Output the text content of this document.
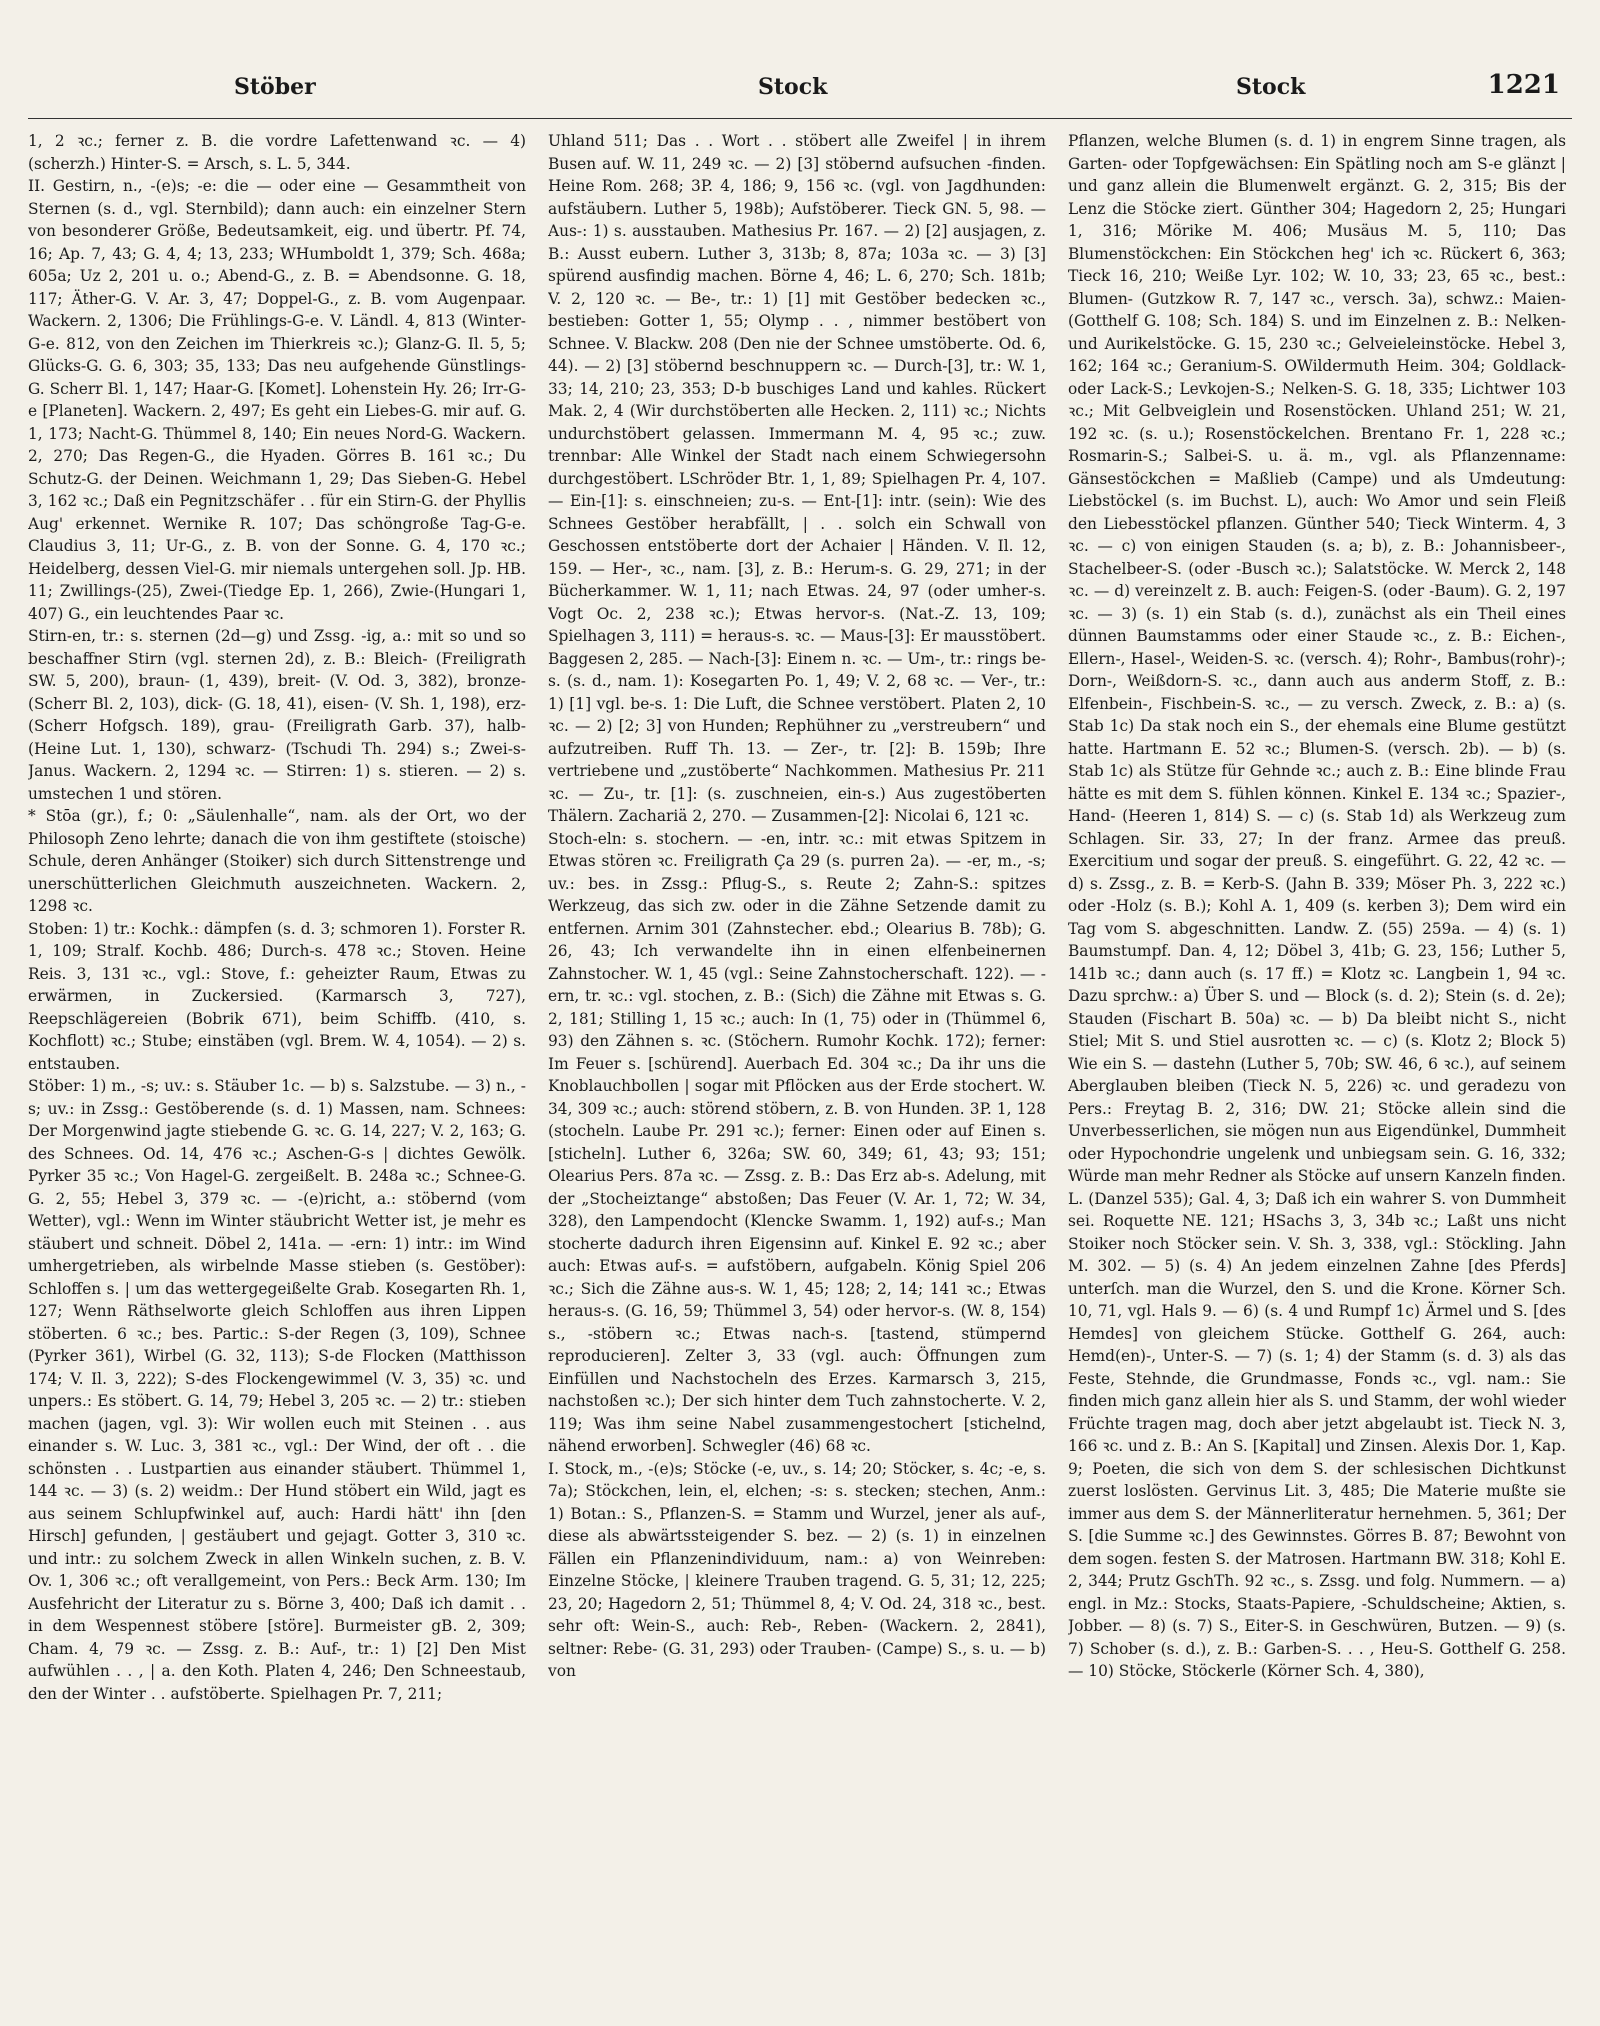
Stöber	Stock	Stock	1221

1, 2 ꝛc.; ferner z. B. die vordre Lafettenwand ꝛc. — 4) (scherzh.) Hinter-S. = Arsch, s. L. 5, 344.

II. Gestirn, n., -(e)s; -e: die — oder eine — Gesammtheit von Sternen (s. d., vgl. Sternbild); dann auch: ein einzelner Stern von besonderer Größe, Bedeutsamkeit, eig. und übertr. Pf. 74, 16; Ap. 7, 43; G. 4, 4; 13, 233; WHumboldt 1, 379; Sch. 468a; 605a; Uz 2, 201 u. o.; Abend-G., z. B. = Abendsonne. G. 18, 117; Äther-G. V. Ar. 3, 47; Doppel-G., z. B. vom Augenpaar. Wackern. 2, 1306; Die Frühlings-G-e. V. Ländl. 4, 813 (Winter-G-e. 812, von den Zeichen im Thierkreis ꝛc.); Glanz-G. Il. 5, 5; Glücks-G. G. 6, 303; 35, 133; Das neu aufgehende Günstlings-G. Scherr Bl. 1, 147; Haar-G. [Komet]. Lohenstein Hy. 26; Irr-G-e [Planeten]. Wackern. 2, 497; Es geht ein Liebes-G. mir auf. G. 1, 173; Nacht-G. Thümmel 8, 140; Ein neues Nord-G. Wackern. 2, 270; Das Regen-G., die Hyaden. Görres B. 161 ꝛc.; Du Schutz-G. der Deinen. Weichmann 1, 29; Das Sieben-G. Hebel 3, 162 ꝛc.; Daß ein Pegnitzschäfer . . für ein Stirn-G. der Phyllis Aug' erkennet. Wernike R. 107; Das schöngroße Tag-G-e. Claudius 3, 11; Ur-G., z. B. von der Sonne. G. 4, 170 ꝛc.; Heidelberg, dessen Viel-G. mir niemals untergehen soll. Jp. HB. 11; Zwillings-(25), Zwei-(Tiedge Ep. 1, 266), Zwie-(Hungari 1, 407) G., ein leuchtendes Paar ꝛc.

Stirn-en, tr.: s. sternen (2d—g) und Zssg. -ig, a.: mit so und so beschaffner Stirn (vgl. sternen 2d), z. B.: Bleich- (Freiligrath SW. 5, 200), braun- (1, 439), breit- (V. Od. 3, 382), bronze- (Scherr Bl. 2, 103), dick- (G. 18, 41), eisen- (V. Sh. 1, 198), erz- (Scherr Hofgsch. 189), grau- (Freiligrath Garb. 37), halb- (Heine Lut. 1, 130), schwarz- (Tschudi Th. 294) s.; Zwei-s- Janus. Wackern. 2, 1294 ꝛc. — Stirren: 1) s. stieren. — 2) s. umstechen 1 und stören.

* Stōa (gr.), f.; 0: „Säulenhalle“, nam. als der Ort, wo der Philosoph Zeno lehrte; danach die von ihm gestiftete (stoische) Schule, deren Anhänger (Stoiker) sich durch Sittenstrenge und unerschütterlichen Gleichmuth auszeichneten. Wackern. 2, 1298 ꝛc.

Stoben: 1) tr.: Kochk.: dämpfen (s. d. 3; schmoren 1). Forster R. 1, 109; Stralf. Kochb. 486; Durch-s. 478 ꝛc.; Stoven. Heine Reis. 3, 131 ꝛc., vgl.: Stove, f.: geheizter Raum, Etwas zu erwärmen, in Zuckersied. (Karmarsch 3, 727), Reepschlägereien (Bobrik 671), beim Schiffb. (410, s. Kochflott) ꝛc.; Stube; einstäben (vgl. Brem. W. 4, 1054). — 2) s. entstauben.

Stöber: 1) m., -s; uv.: s. Stäuber 1c. — b) s. Salzstube. — 3) n., -s; uv.: in Zssg.: Gestöberende (s. d. 1) Massen, nam. Schnees: Der Morgenwind jagte stiebende G. ꝛc. G. 14, 227; V. 2, 163; G. des Schnees. Od. 14, 476 ꝛc.; Aschen-G-s | dichtes Gewölk. Pyrker 35 ꝛc.; Von Hagel-G. zergeißelt. B. 248a ꝛc.; Schnee-G. G. 2, 55; Hebel 3, 379 ꝛc. — -(e)richt, a.: stöbernd (vom Wetter), vgl.: Wenn im Winter stäubricht Wetter ist, je mehr es stäubert und schneit. Döbel 2, 141a. — -ern: 1) intr.: im Wind umhergetrieben, als wirbelnde Masse stieben (s. Gestöber): Schloffen s. | um das wettergegeißelte Grab. Kosegarten Rh. 1, 127; Wenn Räthselworte gleich Schloffen aus ihren Lippen stöberten. 6 ꝛc.; bes. Partic.: S-der Regen (3, 109), Schnee (Pyrker 361), Wirbel (G. 32, 113); S-de Flocken (Matthisson 174; V. Il. 3, 222); S-des Flockengewimmel (V. 3, 35) ꝛc. und unpers.: Es stöbert. G. 14, 79; Hebel 3, 205 ꝛc. — 2) tr.: stieben machen (jagen, vgl. 3): Wir wollen euch mit Steinen . . aus einander s. W. Luc. 3, 381 ꝛc., vgl.: Der Wind, der oft . . die schönsten . . Lustpartien aus einander stäubert. Thümmel 1, 144 ꝛc. — 3) (s. 2) weidm.: Der Hund stöbert ein Wild, jagt es aus seinem Schlupfwinkel auf, auch: Hardi hätt' ihn [den Hirsch] gefunden, | gestäubert und gejagt. Gotter 3, 310 ꝛc. und intr.: zu solchem Zweck in allen Winkeln suchen, z. B. V. Ov. 1, 306 ꝛc.; oft verallgemeint, von Pers.: Beck Arm. 130; Im Ausfehricht der Literatur zu s. Börne 3, 400; Daß ich damit . . in dem Wespennest stöbere [störe]. Burmeister gB. 2, 309; Cham. 4, 79 ꝛc. — Zssg. z. B.: Auf-, tr.: 1) [2] Den Mist aufwühlen . . , | a. den Koth. Platen 4, 246; Den Schneestaub, den der Winter . . aufstöberte. Spielhagen Pr. 7, 211;

Uhland 511; Das . . Wort . . stöbert alle Zweifel | in ihrem Busen auf. W. 11, 249 ꝛc. — 2) [3] stöbernd aufsuchen -finden. Heine Rom. 268; 3P. 4, 186; 9, 156 ꝛc. (vgl. von Jagdhunden: aufstäubern. Luther 5, 198b); Aufstöberer. Tieck GN. 5, 98. — Aus-: 1) s. ausstauben. Mathesius Pr. 167. — 2) [2] ausjagen, z. B.: Ausst eubern. Luther 3, 313b; 8, 87a; 103a ꝛc. — 3) [3] spürend ausfindig machen. Börne 4, 46; L. 6, 270; Sch. 181b; V. 2, 120 ꝛc. — Be-, tr.: 1) [1] mit Gestöber bedecken ꝛc., bestieben: Gotter 1, 55; Olymp . . , nimmer bestöbert von Schnee. V. Blackw. 208 (Den nie der Schnee umstöberte. Od. 6, 44). — 2) [3] stöbernd beschnuppern ꝛc. — Durch-[3], tr.: W. 1, 33; 14, 210; 23, 353; D-b buschiges Land und kahles. Rückert Mak. 2, 4 (Wir durchstöberten alle Hecken. 2, 111) ꝛc.; Nichts undurchstöbert gelassen. Immermann M. 4, 95 ꝛc.; zuw. trennbar: Alle Winkel der Stadt nach einem Schwiegersohn durchgestöbert. LSchröder Btr. 1, 1, 89; Spielhagen Pr. 4, 107. — Ein-[1]: s. einschneien; zu-s. — Ent-[1]: intr. (sein): Wie des Schnees Gestöber herabfällt, | . . solch ein Schwall von Geschossen entstöberte dort der Achaier | Händen. V. Il. 12, 159. — Her-, ꝛc., nam. [3], z. B.: Herum-s. G. 29, 271; in der Bücherkammer. W. 1, 11; nach Etwas. 24, 97 (oder umher-s. Vogt Oc. 2, 238 ꝛc.); Etwas hervor-s. (Nat.-Z. 13, 109; Spielhagen 3, 111) = heraus-s. ꝛc. — Maus-[3]: Er mausstöbert. Baggesen 2, 285. — Nach-[3]: Einem n. ꝛc. — Um-, tr.: rings be-s. (s. d., nam. 1): Kosegarten Po. 1, 49; V. 2, 68 ꝛc. — Ver-, tr.: 1) [1] vgl. be-s. 1: Die Luft, die Schnee verstöbert. Platen 2, 10 ꝛc. — 2) [2; 3] von Hunden; Rephühner zu „verstreubern“ und aufzutreiben. Ruff Th. 13. — Zer-, tr. [2]: B. 159b; Ihre vertriebene und „zustöberte“ Nachkommen. Mathesius Pr. 211 ꝛc. — Zu-, tr. [1]: (s. zuschneien, ein-s.) Aus zugestöberten Thälern. Zachariä 2, 270. — Zusammen-[2]: Nicolai 6, 121 ꝛc.

Stoch-eln: s. stochern. — -en, intr. ꝛc.: mit etwas Spitzem in Etwas stören ꝛc. Freiligrath Ça 29 (s. purren 2a). — -er, m., -s; uv.: bes. in Zssg.: Pflug-S., s. Reute 2; Zahn-S.: spitzes Werkzeug, das sich zw. oder in die Zähne Setzende damit zu entfernen. Arnim 301 (Zahnstecher. ebd.; Olearius B. 78b); G. 26, 43; Ich verwandelte ihn in einen elfenbeinernen Zahnstocher. W. 1, 45 (vgl.: Seine Zahnstocherschaft. 122). — -ern, tr. ꝛc.: vgl. stochen, z. B.: (Sich) die Zähne mit Etwas s. G. 2, 181; Stilling 1, 15 ꝛc.; auch: In (1, 75) oder in (Thümmel 6, 93) den Zähnen s. ꝛc. (Stöchern. Rumohr Kochk. 172); ferner: Im Feuer s. [schürend]. Auerbach Ed. 304 ꝛc.; Da ihr uns die Knoblauchbollen | sogar mit Pflöcken aus der Erde stochert. W. 34, 309 ꝛc.; auch: störend stöbern, z. B. von Hunden. 3P. 1, 128 (stocheln. Laube Pr. 291 ꝛc.); ferner: Einen oder auf Einen s. [sticheln]. Luther 6, 326a; SW. 60, 349; 61, 43; 93; 151; Olearius Pers. 87a ꝛc. — Zssg. z. B.: Das Erz ab-s. Adelung, mit der „Stocheiztange“ abstoßen; Das Feuer (V. Ar. 1, 72; W. 34, 328), den Lampendocht (Klencke Swamm. 1, 192) auf-s.; Man stocherte dadurch ihren Eigensinn auf. Kinkel E. 92 ꝛc.; aber auch: Etwas auf-s. = aufstöbern, aufgabeln. König Spiel 206 ꝛc.; Sich die Zähne aus-s. W. 1, 45; 128; 2, 14; 141 ꝛc.; Etwas heraus-s. (G. 16, 59; Thümmel 3, 54) oder hervor-s. (W. 8, 154) s., -stöbern ꝛc.; Etwas nach-s. [tastend, stümpernd reproducieren]. Zelter 3, 33 (vgl. auch: Öffnungen zum Einfüllen und Nachstocheln des Erzes. Karmarsch 3, 215, nachstoßen ꝛc.); Der sich hinter dem Tuch zahnstocherte. V. 2, 119; Was ihm seine Nabel zusammengestochert [stichelnd, nähend erworben]. Schwegler (46) 68 ꝛc.

I. Stock, m., -(e)s; Stöcke (-e, uv., s. 14; 20; Stöcker, s. 4c; -e, s. 7a); Stöckchen, lein, el, elchen; -s: s. stecken; stechen, Anm.: 1) Botan.: S., Pflanzen-S. = Stamm und Wurzel, jener als auf-, diese als abwärtssteigender S. bez. — 2) (s. 1) in einzelnen Fällen ein Pflanzenindividuum, nam.: a) von Weinreben: Einzelne Stöcke, | kleinere Trauben tragend. G. 5, 31; 12, 225; 23, 20; Hagedorn 2, 51; Thümmel 8, 4; V. Od. 24, 318 ꝛc., best. sehr oft: Wein-S., auch: Reb-, Reben- (Wackern. 2, 2841), seltner: Rebe- (G. 31, 293) oder Trauben- (Campe) S., s. u. — b) von

Pflanzen, welche Blumen (s. d. 1) in engrem Sinne tragen, als Garten- oder Topfgewächsen: Ein Spätling noch am S-e glänzt | und ganz allein die Blumenwelt ergänzt. G. 2, 315; Bis der Lenz die Stöcke ziert. Günther 304; Hagedorn 2, 25; Hungari 1, 316; Mörike M. 406; Musäus M. 5, 110; Das Blumenstöckchen: Ein Stöckchen heg' ich ꝛc. Rückert 6, 363; Tieck 16, 210; Weiße Lyr. 102; W. 10, 33; 23, 65 ꝛc., best.: Blumen- (Gutzkow R. 7, 147 ꝛc., versch. 3a), schwz.: Maien- (Gotthelf G. 108; Sch. 184) S. und im Einzelnen z. B.: Nelken- und Aurikelstöcke. G. 15, 230 ꝛc.; Gelveieleinstöcke. Hebel 3, 162; 164 ꝛc.; Geranium-S. OWildermuth Heim. 304; Goldlack- oder Lack-S.; Levkojen-S.; Nelken-S. G. 18, 335; Lichtwer 103 ꝛc.; Mit Gelbveiglein und Rosenstöcken. Uhland 251; W. 21, 192 ꝛc. (s. u.); Rosenstöckelchen. Brentano Fr. 1, 228 ꝛc.; Rosmarin-S.; Salbei-S. u. ä. m., vgl. als Pflanzenname: Gänsestöckchen = Maßlieb (Campe) und als Umdeutung: Liebstöckel (s. im Buchst. L), auch: Wo Amor und sein Fleiß den Liebesstöckel pflanzen. Günther 540; Tieck Winterm. 4, 3 ꝛc. — c) von einigen Stauden (s. a; b), z. B.: Johannisbeer-, Stachelbeer-S. (oder -Busch ꝛc.); Salatstöcke. W. Merck 2, 148 ꝛc. — d) vereinzelt z. B. auch: Feigen-S. (oder -Baum). G. 2, 197 ꝛc. — 3) (s. 1) ein Stab (s. d.), zunächst als ein Theil eines dünnen Baumstamms oder einer Staude ꝛc., z. B.: Eichen-, Ellern-, Hasel-, Weiden-S. ꝛc. (versch. 4); Rohr-, Bambus(rohr)-; Dorn-, Weißdorn-S. ꝛc., dann auch aus anderm Stoff, z. B.: Elfenbein-, Fischbein-S. ꝛc., — zu versch. Zweck, z. B.: a) (s. Stab 1c) Da stak noch ein S., der ehemals eine Blume gestützt hatte. Hartmann E. 52 ꝛc.; Blumen-S. (versch. 2b). — b) (s. Stab 1c) als Stütze für Gehnde ꝛc.; auch z. B.: Eine blinde Frau hätte es mit dem S. fühlen können. Kinkel E. 134 ꝛc.; Spazier-, Hand- (Heeren 1, 814) S. — c) (s. Stab 1d) als Werkzeug zum Schlagen. Sir. 33, 27; In der franz. Armee das preuß. Exercitium und sogar der preuß. S. eingeführt. G. 22, 42 ꝛc. — d) s. Zssg., z. B. = Kerb-S. (Jahn B. 339; Möser Ph. 3, 222 ꝛc.) oder -Holz (s. B.); Kohl A. 1, 409 (s. kerben 3); Dem wird ein Tag vom S. abgeschnitten. Landw. Z. (55) 259a. — 4) (s. 1) Baumstumpf. Dan. 4, 12; Döbel 3, 41b; G. 23, 156; Luther 5, 141b ꝛc.; dann auch (s. 17 ff.) = Klotz ꝛc. Langbein 1, 94 ꝛc. Dazu sprchw.: a) Über S. und — Block (s. d. 2); Stein (s. d. 2e); Stauden (Fischart B. 50a) ꝛc. — b) Da bleibt nicht S., nicht Stiel; Mit S. und Stiel ausrotten ꝛc. — c) (s. Klotz 2; Block 5) Wie ein S. — dastehn (Luther 5, 70b; SW. 46, 6 ꝛc.), auf seinem Aberglauben bleiben (Tieck N. 5, 226) ꝛc. und geradezu von Pers.: Freytag B. 2, 316; DW. 21; Stöcke allein sind die Unverbesserlichen, sie mögen nun aus Eigendünkel, Dummheit oder Hypochondrie ungelenk und unbiegsam sein. G. 16, 332; Würde man mehr Redner als Stöcke auf unsern Kanzeln finden. L. (Danzel 535); Gal. 4, 3; Daß ich ein wahrer S. von Dummheit sei. Roquette NE. 121; HSachs 3, 3, 34b ꝛc.; Laßt uns nicht Stoiker noch Stöcker sein. V. Sh. 3, 338, vgl.: Stöckling. Jahn M. 302. — 5) (s. 4) An jedem einzelnen Zahne [des Pferds] unterſch. man die Wurzel, den S. und die Krone. Körner Sch. 10, 71, vgl. Hals 9. — 6) (s. 4 und Rumpf 1c) Ärmel und S. [des Hemdes] von gleichem Stücke. Gotthelf G. 264, auch: Hemd(en)-, Unter-S. — 7) (s. 1; 4) der Stamm (s. d. 3) als das Feste, Stehnde, die Grundmasse, Fonds ꝛc., vgl. nam.: Sie finden mich ganz allein hier als S. und Stamm, der wohl wieder Früchte tragen mag, doch aber jetzt abgelaubt ist. Tieck N. 3, 166 ꝛc. und z. B.: An S. [Kapital] und Zinsen. Alexis Dor. 1, Kap. 9; Poeten, die sich von dem S. der schlesischen Dichtkunst zuerst loslösten. Gervinus Lit. 3, 485; Die Materie mußte sie immer aus dem S. der Männerliteratur hernehmen. 5, 361; Der S. [die Summe ꝛc.] des Gewinnstes. Görres B. 87; Bewohnt von dem sogen. festen S. der Matrosen. Hartmann BW. 318; Kohl E. 2, 344; Prutz GschTh. 92 ꝛc., s. Zssg. und folg. Nummern. — a) engl. in Mz.: Stocks, Staats-Papiere, -Schuldscheine; Aktien, s. Jobber. — 8) (s. 7) S., Eiter-S. in Geschwüren, Butzen. — 9) (s. 7) Schober (s. d.), z. B.: Garben-S. . . , Heu-S. Gotthelf G. 258. — 10) Stöcke, Stöckerle (Körner Sch. 4, 380),
